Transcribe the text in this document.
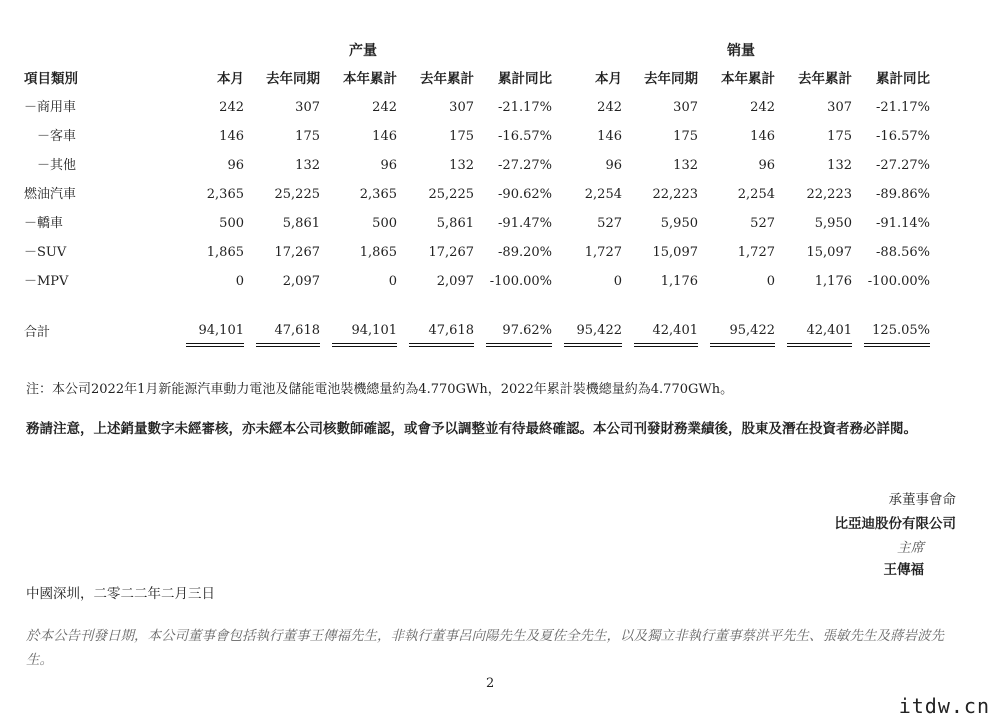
	产量					销量				
項目類別	本月	去年同期	本年累計	去年累計	累計同比	本月	去年同期	本年累計	去年累計	累計同比
－商用車	242	307	242	307	-21.17%	242	307	242	307	-21.17%
　－客車	146	175	146	175	-16.57%	146	175	146	175	-16.57%
　－其他	96	132	96	132	-27.27%	96	132	96	132	-27.27%
燃油汽車	2,365	25,225	2,365	25,225	-90.62%	2,254	22,223	2,254	22,223	-89.86%
－轎車	500	5,861	500	5,861	-91.47%	527	5,950	527	5,950	-91.14%
－SUV	1,865	17,267	1,865	17,267	-89.20%	1,727	15,097	1,727	15,097	-88.56%
－MPV	0	2,097	0	2,097	-100.00%	0	1,176	0	1,176	-100.00%

合計	94,101	47,618	94,101	47,618	97.62%	95,422	42,401	95,422	42,401	125.05%
注：本公司2022年1月新能源汽車動力電池及儲能電池裝機總量約為4.770GWh，2022年累計裝機總量約為4.770GWh。
務請注意，上述銷量數字未經審核，亦未經本公司核數師確認，或會予以調整並有待最終確認。本公司刊發財務業績後，股東及潛在投資者務必詳閱。
承董事會命
比亞迪股份有限公司
主席
王傳福
中國深圳，二零二二年二月三日
於本公告刊發日期，本公司董事會包括執行董事王傳福先生，非執行董事呂向陽先生及夏佐全先生，以及獨立非執行董事蔡洪平先生、張敏先生及蔣岩波先生。
2
itdw.cn
